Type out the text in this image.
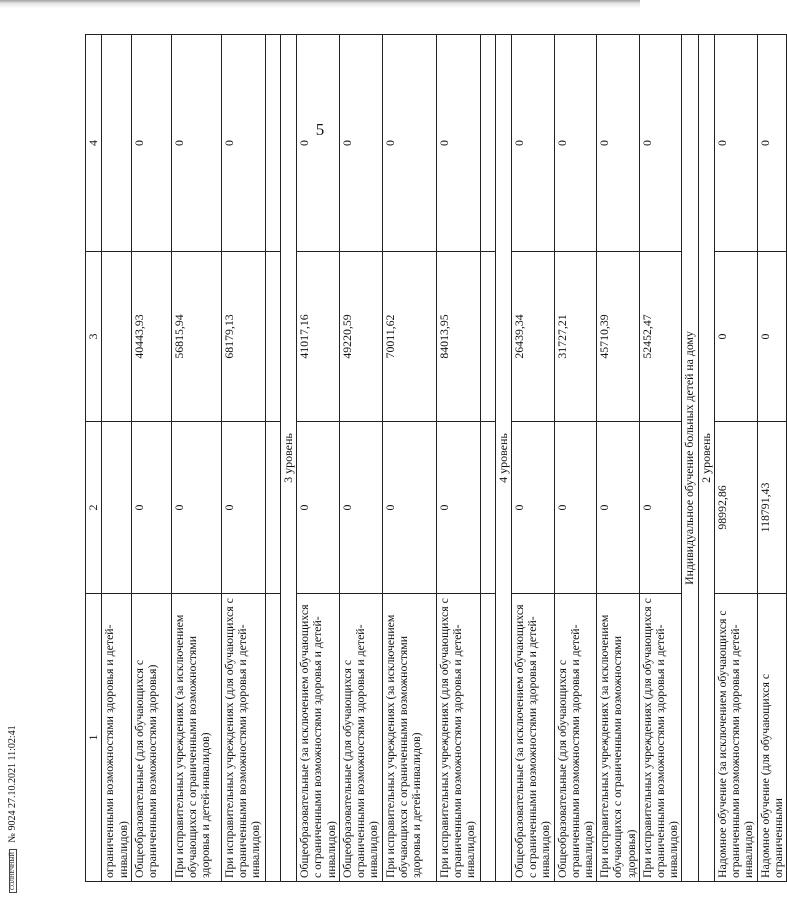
5
1	2	3	4
ограниченными возможностями здоровья и детей-инвалидов)			
Общеобразовательные (для обучающихся с ограниченными возможностями здоровья)	0	40443,93	0
При исправительных учреждениях (за исключением обучающихся с ограниченными возможностями здоровья и детей-инвалидов)	0	56815,94	0
При исправительных учреждениях (для обучающихся с ограниченными возможностями здоровья и детей-инвалидов)	0	68179,13	0

3 уровень			
Общеобразовательные (за исключением обучающихся с ограниченными возможностями здоровья и детей-инвалидов)	0	41017,16	0
Общеобразовательные (для обучающихся с ограниченными возможностями здоровья и детей-инвалидов)	0	49220,59	0
При исправительных учреждениях (за исключением обучающихся с ограниченными возможностями здоровья и детей-инвалидов)	0	70011,62	0
При исправительных учреждениях (для обучающихся с ограниченными возможностями здоровья и детей-инвалидов)	0	84013,95	0

4 уровень			
Общеобразовательные (за исключением обучающихся с ограниченными возможностями здоровья и детей-инвалидов)	0	26439,34	0
Общеобразовательные (для обучающихся с ограниченными возможностями здоровья и детей-инвалидов)	0	31727,21	0
При исправительных учреждениях (за исключением обучающихся с ограниченными возможностями здоровья)	0	45710,39	0
При исправительных учреждениях (для обучающихся с ограниченными возможностями здоровья и детей-инвалидов)	0	52452,47	0
Индивидуальное обучение больных детей на дому			
2 уровень			
Надомное обучение (за исключением обучающихся с ограниченными возможностями здоровья и детей-инвалидов)	98992,86	0	0
Надомное обучение (для обучающихся с ограниченными	118791,43	0	0
СОЛНЕЧНЫЙ № 9024 27.10.2021 11:02:41
